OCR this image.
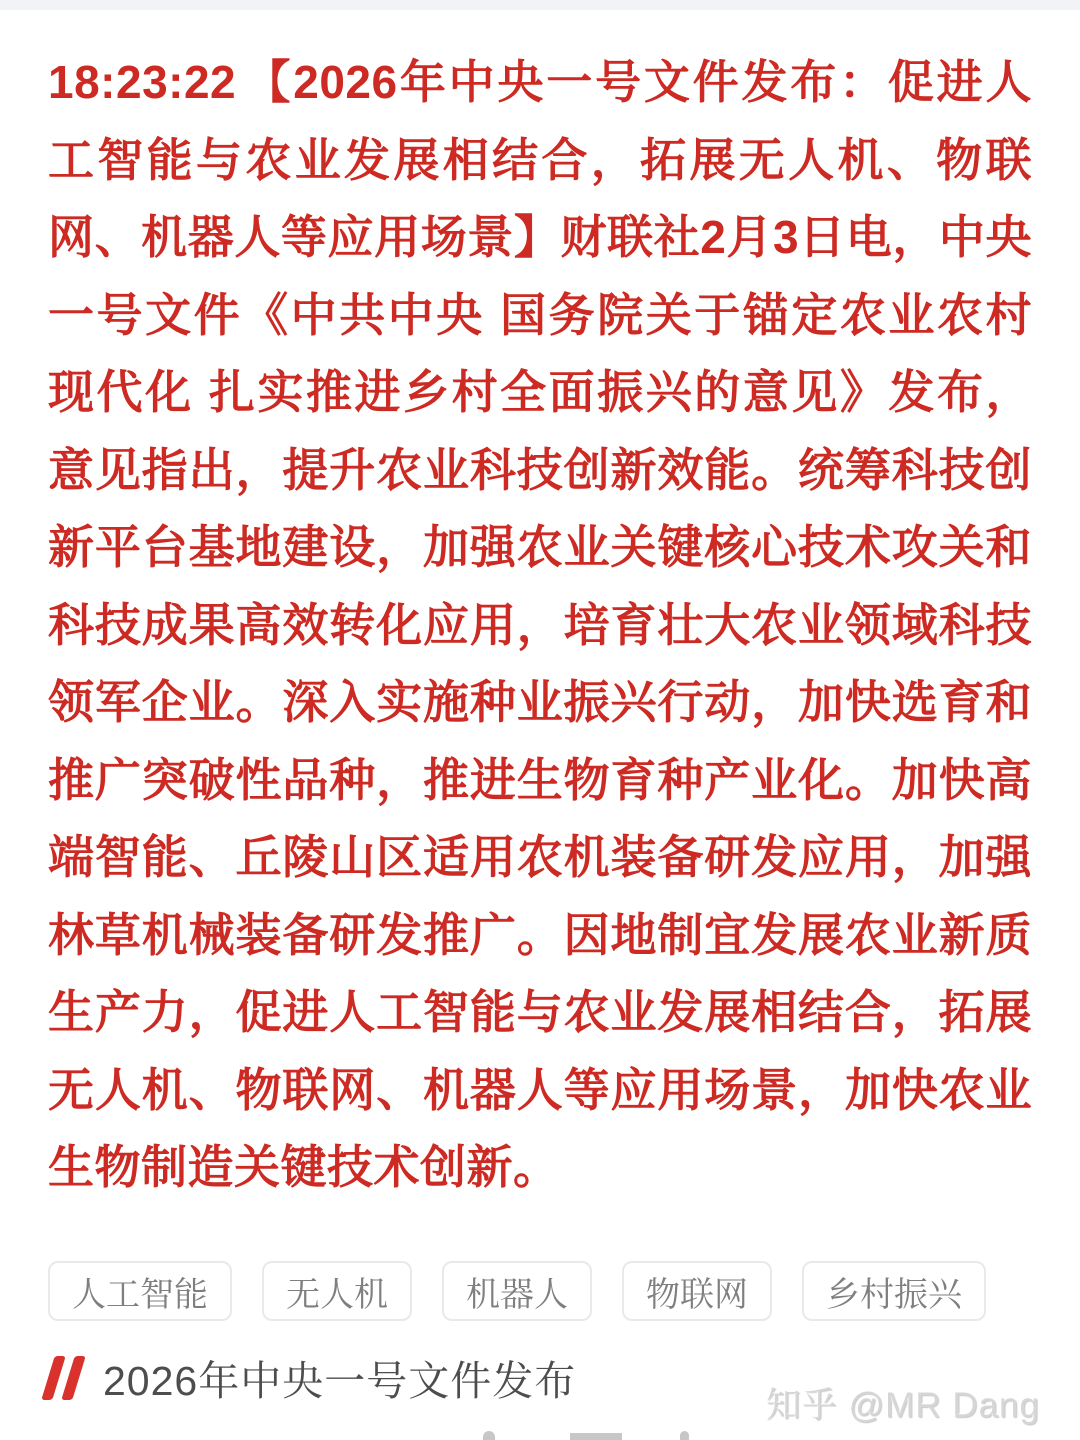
18:23:22 【2026年中央一号文件发布：促进人
工智能与农业发展相结合，拓展无人机、物联
网、机器人等应用场景】财联社2月3日电，中央
一号文件《中共中央 国务院关于锚定农业农村
现代化 扎实推进乡村全面振兴的意见》发布，
意见指出，提升农业科技创新效能。统筹科技创
新平台基地建设，加强农业关键核心技术攻关和
科技成果高效转化应用，培育壮大农业领域科技
领军企业。深入实施种业振兴行动，加快选育和
推广突破性品种，推进生物育种产业化。加快高
端智能、丘陵山区适用农机装备研发应用，加强
林草机械装备研发推广。因地制宜发展农业新质
生产力，促进人工智能与农业发展相结合，拓展
无人机、物联网、机器人等应用场景，加快农业
生物制造关键技术创新。
人工智能	无人机	机器人	物联网	乡村振兴
2026年中央一号文件发布
知乎 @MR Dang
